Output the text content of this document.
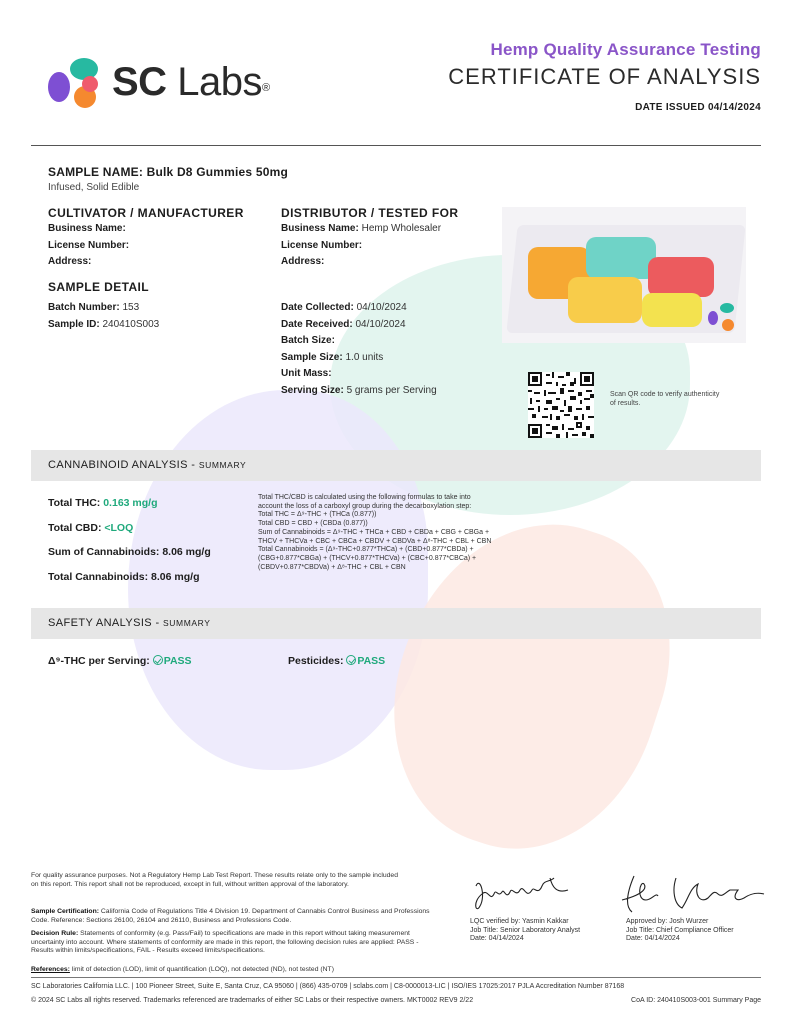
SC Labs®
Hemp Quality Assurance Testing
CERTIFICATE OF ANALYSIS
DATE ISSUED 04/14/2024
SAMPLE NAME: Bulk D8 Gummies 50mg
Infused, Solid Edible
CULTIVATOR / MANUFACTURER
Business Name:
License Number:
Address:
DISTRIBUTOR / TESTED FOR
Business Name: Hemp Wholesaler
License Number:
Address:
SAMPLE DETAIL
Batch Number: 153
Sample ID: 240410S003
Date Collected: 04/10/2024
Date Received: 04/10/2024
Batch Size:
Sample Size: 1.0 units
Unit Mass:
Serving Size: 5 grams per Serving	Scan QR code to verify authenticity of results.
CANNABINOID ANALYSIS - SUMMARY
Total THC: 0.163 mg/g
Total CBD: <LOQ
Sum of Cannabinoids: 8.06 mg/g
Total Cannabinoids: 8.06 mg/g
Total THC/CBD is calculated using the following formulas to take into
account the loss of a carboxyl group during the decarboxylation step:
Total THC = Δ⁹-THC + (THCa (0.877))
Total CBD = CBD + (CBDa (0.877))
Sum of Cannabinoids = Δ⁹-THC + THCa + CBD + CBDa + CBG + CBGa +
THCV + THCVa + CBC + CBCa + CBDV + CBDVa + Δ⁸-THC + CBL + CBN
Total Cannabinoids = (Δ⁹-THC+0.877*THCa) + (CBD+0.877*CBDa) +
(CBG+0.877*CBGa) + (THCV+0.877*THCVa) + (CBC+0.877*CBCa) +
(CBDV+0.877*CBDVa) + Δ⁸-THC + CBL + CBN
SAFETY ANALYSIS - SUMMARY
Δ⁹-THC per Serving: PASS	Pesticides: PASS
For quality assurance purposes. Not a Regulatory Hemp Lab Test Report. These results relate only to the sample included on this report. This report shall not be reproduced, except in full, without written approval of the laboratory.
Sample Certification: California Code of Regulations Title 4 Division 19. Department of Cannabis Control Business and Professions Code. Reference: Sections 26100, 26104 and 26110, Business and Professions Code.
Decision Rule: Statements of conformity (e.g. Pass/Fail) to specifications are made in this report without taking measurement uncertainty into account. Where statements of conformity are made in this report, the following decision rules are applied: PASS - Results within limits/specifications, FAIL - Results exceed limits/specifications.
References: limit of detection (LOD), limit of quantification (LOQ), not detected (ND), not tested (NT)
LQC verified by: Yasmin Kakkar
Job Title: Senior Laboratory Analyst
Date: 04/14/2024
Approved by: Josh Wurzer
Job Title: Chief Compliance Officer
Date: 04/14/2024
SC Laboratories California LLC. | 100 Pioneer Street, Suite E, Santa Cruz, CA 95060 | (866) 435-0709 | sclabs.com | C8-0000013-LIC | ISO/IES 17025:2017 PJLA Accreditation Number 87168
© 2024 SC Labs all rights reserved. Trademarks referenced are trademarks of either SC Labs or their respective owners. MKT0002 REV9 2/22	CoA ID: 240410S003-001 Summary Page
